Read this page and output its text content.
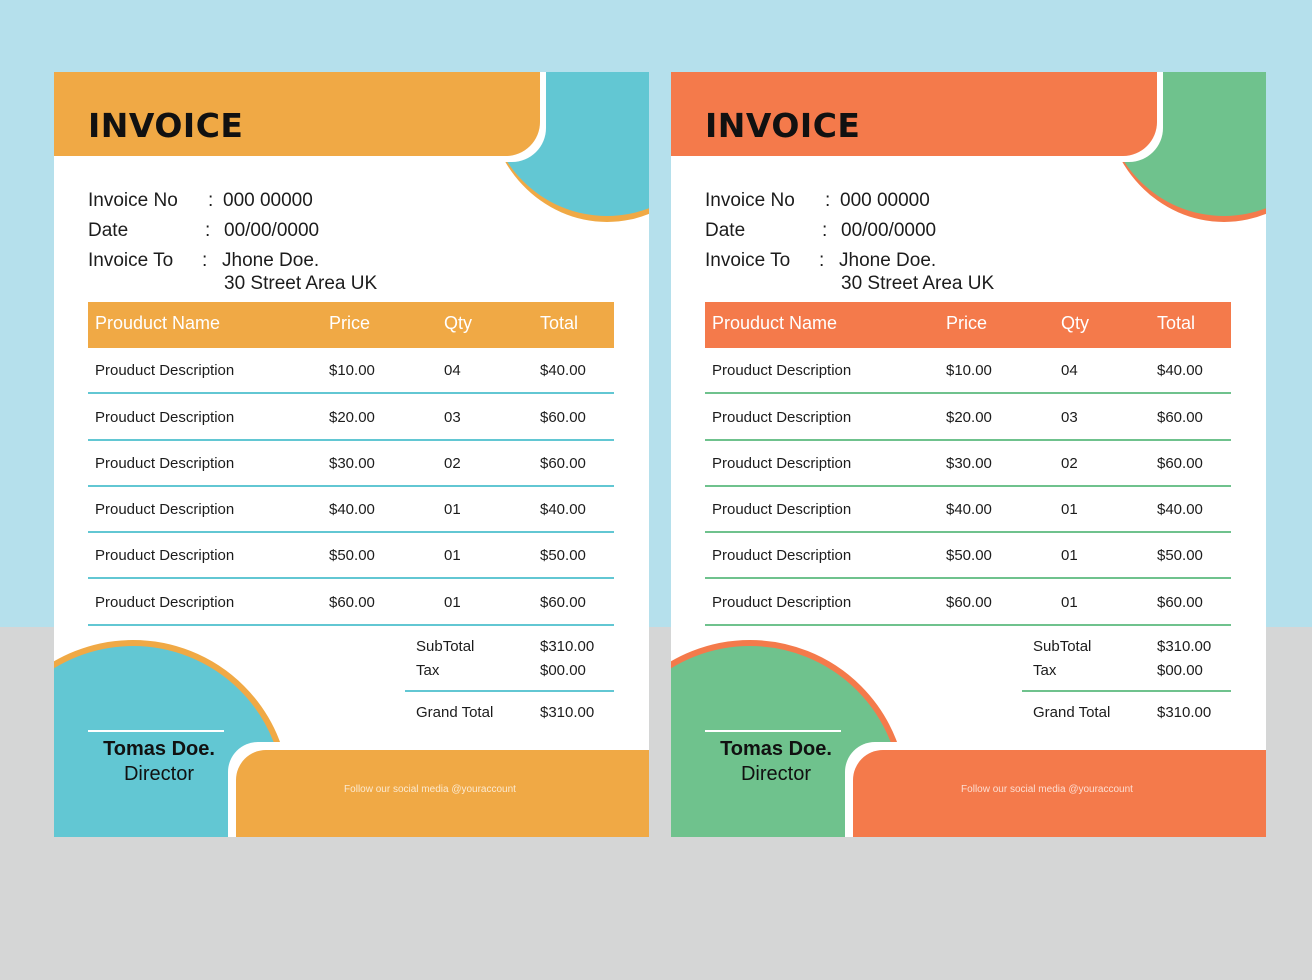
INVOICE
Invoice No : 000 00000
Date	: 00/00/0000
Invoice To : Jhone Doe.
30 Street Area UK
Prouduct Name	Price	Qty	Total
Prouduct Description	$10.00	04	$40.00
Prouduct Description	$20.00	03	$60.00
Prouduct Description	$30.00	02	$60.00
Prouduct Description	$40.00	01	$40.00
Prouduct Description	$50.00	01	$50.00
Prouduct Description	$60.00	01	$60.00
SubTotal	$310.00
Tax	$00.00
Grand Total	$310.00
Tomas Doe.
Director
Follow our social media @youraccount
INVOICE
Invoice No : 000 00000
Date	: 00/00/0000
Invoice To : Jhone Doe.
30 Street Area UK
Prouduct Name	Price	Qty	Total
Prouduct Description	$10.00	04	$40.00
Prouduct Description	$20.00	03	$60.00
Prouduct Description	$30.00	02	$60.00
Prouduct Description	$40.00	01	$40.00
Prouduct Description	$50.00	01	$50.00
Prouduct Description	$60.00	01	$60.00
SubTotal	$310.00
Tax	$00.00
Grand Total	$310.00
Tomas Doe.
Director
Follow our social media @youraccount
